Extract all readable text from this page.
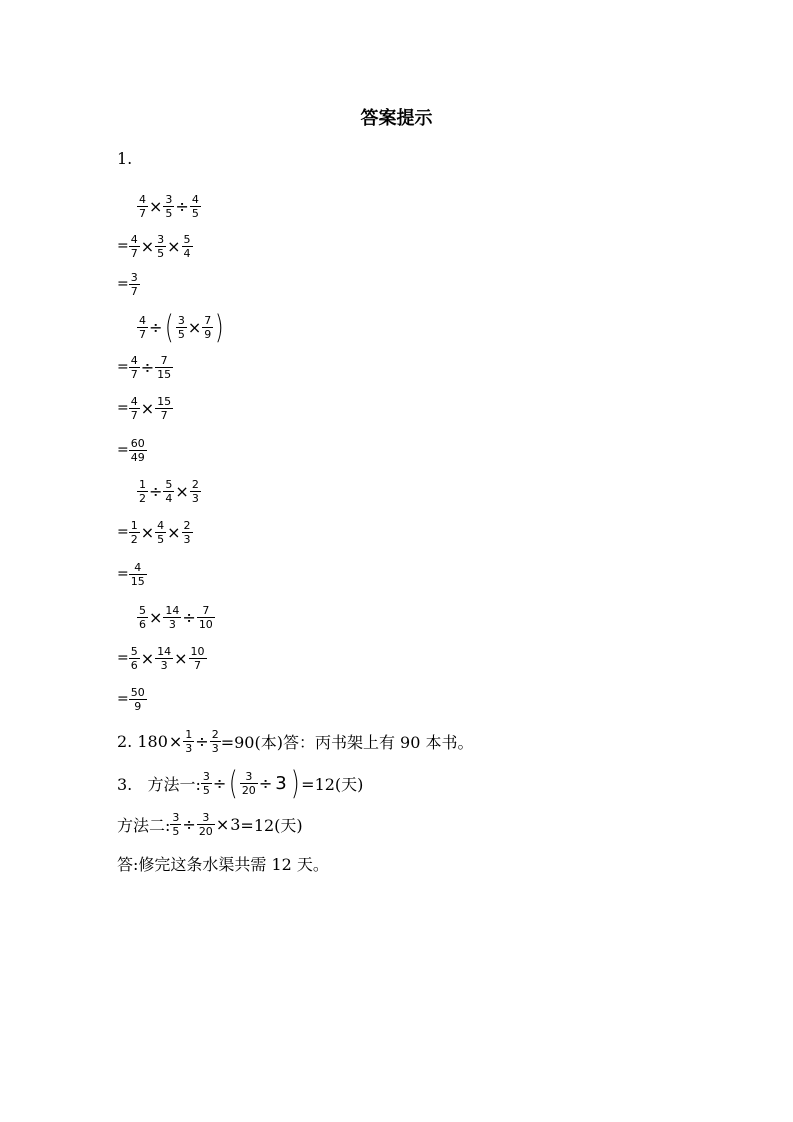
答案提示
1.
$\frac{4}{7} \times \frac{3}{5} \div \frac{4}{5}$
= $\frac{4}{7} \times \frac{3}{5} \times \frac{5}{4}$
= $\frac{3}{7}$
$\frac{4}{7}$ ÷ ( $\frac{3}{5} \times \frac{7}{9}$ )
= $\frac{4}{7} \div \frac{7}{15}$
= $\frac{4}{7} \times \frac{15}{7}$
= $\frac{60}{49}$
$\frac{1}{2} \div \frac{5}{4} \times \frac{2}{3}$
= $\frac{1}{2} \times \frac{4}{5} \times \frac{2}{3}$
= $\frac{4}{15}$
$\frac{5}{6} \times \frac{14}{3} \div \frac{7}{10}$
= $\frac{5}{6} \times \frac{14}{3} \times \frac{10}{7}$
= $\frac{50}{9}$
2. $180 \times \frac{1}{3} \div \frac{2}{3} =90$(本)答：丙书架上有 90 本书。
3.   方法一: $\frac{3}{5}$ ÷ ( $\frac{3}{20} \div 3$ ) =12(天)
方法二: $\frac{3}{5} \div \frac{3}{20} \times 3 =12$(天)
答:修完这条水渠共需 12 天。
